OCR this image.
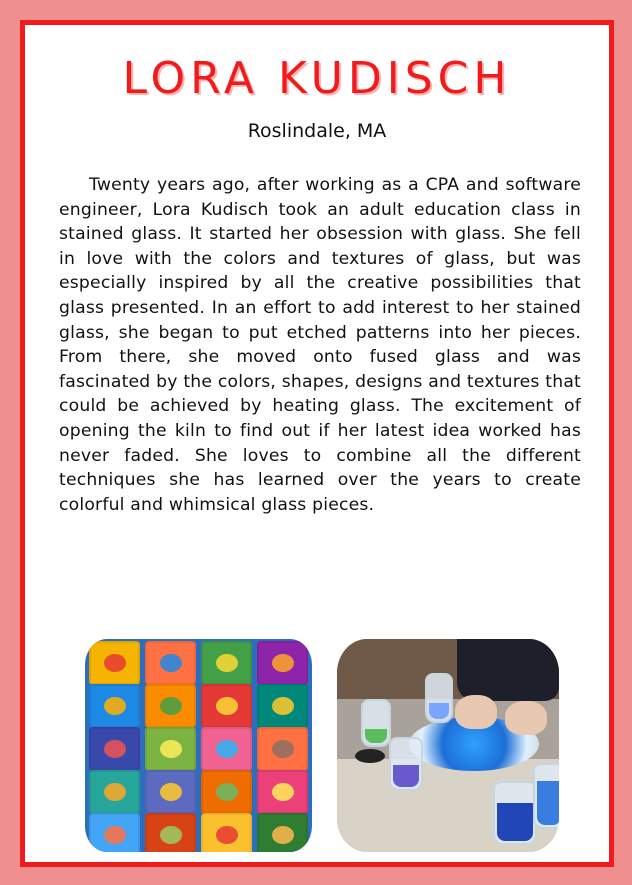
LORA KUDISCH
Roslindale, MA

Twenty years ago, after working as a CPA and software engineer, Lora Kudisch took an adult education class in stained glass. It started her obsession with glass. She fell in love with the colors and textures of glass, but was especially inspired by all the creative possibilities that glass presented. In an effort to add interest to her stained glass, she began to put etched patterns into her pieces. From there, she moved onto fused glass and was fascinated by the colors, shapes, designs and textures that could be achieved by heating glass. The excitement of opening the kiln to find out if her latest idea worked has never faded. She loves to combine all the different techniques she has learned over the years to create colorful and whimsical glass pieces.
